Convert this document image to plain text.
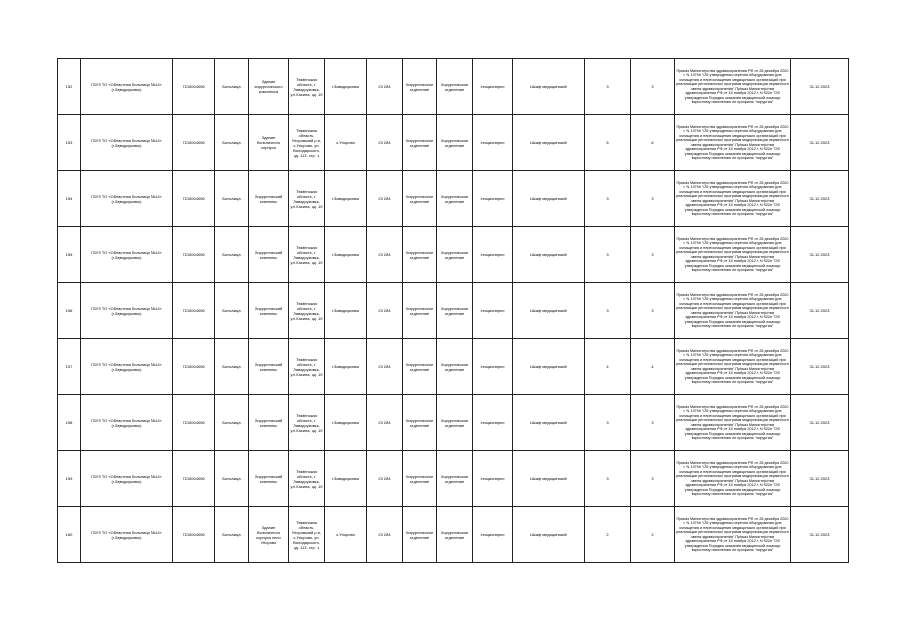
152	ГБУЗ ТО «Областная больница №12» (г.Заводоуковск)	7210004006	Больница	Здание хирургического комплекса	Тюменская область, г. Заводоуковск, ул.Хахина, зд. 19	г.Заводоуковск	23 284	Хирургическое отделение	Хирургическое отделение	стационарно	Шкаф медицинский	3	3	Приказ Министерства здравоохранения РФ от 28 декабря 2020 г. N 1379н "Об утверждении перечня оборудования для оснащения и переоснащения медицинских организаций при реализации региональных программ модернизации первичного звена здравоохранения" Приказ Министерства здравоохранения РФ от 15 ноября 2012 г. N 922н "Об утверждении Порядка оказания медицинской помощи взрослому населению по профилю "хирургия"	31.12.2023
153	ГБУЗ ТО «Областная больница №12» (г.Заводоуковск)	7210004006	Больница	Здание больничного корпуса	Тюменская область, Упоровский р-н, с.Упорово, ул. Володарского, зд. 113, стр. 1	с.Упорово	23 284	Хирургическое отделение	Хирургическое отделение	стационарно	Шкаф медицинский	6	6	Приказ Министерства здравоохранения РФ от 28 декабря 2020 г. N 1379н "Об утверждении перечня оборудования для оснащения и переоснащения медицинских организаций при реализации региональных программ модернизации первичного звена здравоохранения" Приказ Министерства здравоохранения РФ от 15 ноября 2012 г. N 922н "Об утверждении Порядка оказания медицинской помощи взрослому населению по профилю "хирургия"	31.12.2023
154	ГБУЗ ТО «Областная больница №12» (г.Заводоуковск)	7210004006	Больница	Хирургический комплекс	Тюменская область, г. Заводоуковск, ул.Хахина, зд. 19	г.Заводоуковск	23 284	Хирургическое отделение	Хирургическое отделение	стационарно	Шкаф медицинский	3	3	Приказ Министерства здравоохранения РФ от 28 декабря 2020 г. N 1379н "Об утверждении перечня оборудования для оснащения и переоснащения медицинских организаций при реализации региональных программ модернизации первичного звена здравоохранения" Приказ Министерства здравоохранения РФ от 15 ноября 2012 г. N 922н "Об утверждении Порядка оказания медицинской помощи взрослому населению по профилю "хирургия"	31.12.2023
155	ГБУЗ ТО «Областная больница №12» (г.Заводоуковск)	7210004006	Больница	Хирургический комплекс	Тюменская область, г. Заводоуковск, ул.Хахина, зд. 19	г.Заводоуковск	23 284	Хирургическое отделение	Хирургическое отделение	стационарно	Шкаф медицинский	3	3	Приказ Министерства здравоохранения РФ от 28 декабря 2020 г. N 1379н "Об утверждении перечня оборудования для оснащения и переоснащения медицинских организаций при реализации региональных программ модернизации первичного звена здравоохранения" Приказ Министерства здравоохранения РФ от 15 ноября 2012 г. N 922н "Об утверждении Порядка оказания медицинской помощи взрослому населению по профилю "хирургия"	31.12.2023
156	ГБУЗ ТО «Областная больница №12» (г.Заводоуковск)	7210004006	Больница	Хирургический комплекс	Тюменская область, г. Заводоуковск, ул.Хахина, зд. 19	г.Заводоуковск	23 284	Хирургическое отделение	Хирургическое отделение	стационарно	Шкаф медицинский	3	3	Приказ Министерства здравоохранения РФ от 28 декабря 2020 г. N 1379н "Об утверждении перечня оборудования для оснащения и переоснащения медицинских организаций при реализации региональных программ модернизации первичного звена здравоохранения" Приказ Министерства здравоохранения РФ от 15 ноября 2012 г. N 922н "Об утверждении Порядка оказания медицинской помощи взрослому населению по профилю "хирургия"	31.12.2023
157	ГБУЗ ТО «Областная больница №12» (г.Заводоуковск)	7210004006	Больница	Хирургический комплекс	Тюменская область, г. Заводоуковск, ул.Хахина, зд. 19	г.Заводоуковск	23 284	Хирургическое отделение	Хирургическое отделение	стационарно	Шкаф медицинский	4	4	Приказ Министерства здравоохранения РФ от 28 декабря 2020 г. N 1379н "Об утверждении перечня оборудования для оснащения и переоснащения медицинских организаций при реализации региональных программ модернизации первичного звена здравоохранения" Приказ Министерства здравоохранения РФ от 15 ноября 2012 г. N 922н "Об утверждении Порядка оказания медицинской помощи взрослому населению по профилю "хирургия"	31.12.2023
158	ГБУЗ ТО «Областная больница №12» (г.Заводоуковск)	7210004006	Больница	Хирургический комплекс	Тюменская область, г. Заводоуковск, ул.Хахина, зд. 19	г.Заводоуковск	23 284	Хирургическое отделение	Хирургическое отделение	стационарно	Шкаф медицинский	3	3	Приказ Министерства здравоохранения РФ от 28 декабря 2020 г. N 1379н "Об утверждении перечня оборудования для оснащения и переоснащения медицинских организаций при реализации региональных программ модернизации первичного звена здравоохранения" Приказ Министерства здравоохранения РФ от 15 ноября 2012 г. N 922н "Об утверждении Порядка оказания медицинской помощи взрослому населению по профилю "хирургия"	31.12.2023
159	ГБУЗ ТО «Областная больница №12» (г.Заводоуковск)	7210004006	Больница	Хирургический комплекс	Тюменская область, г. Заводоуковск, ул.Хахина, зд. 19	г.Заводоуковск	23 284	Хирургическое отделение	Хирургическое отделение	стационарно	Шкаф медицинский	3	3	Приказ Министерства здравоохранения РФ от 28 декабря 2020 г. N 1379н "Об утверждении перечня оборудования для оснащения и переоснащения медицинских организаций при реализации региональных программ модернизации первичного звена здравоохранения" Приказ Министерства здравоохранения РФ от 15 ноября 2012 г. N 922н "Об утверждении Порядка оказания медицинской помощи взрослому населению по профилю "хирургия"	31.12.2023
160	ГБУЗ ТО «Областная больница №12» (г.Заводоуковск)	7210004006	Больница	Здание больничного корпуса село Упорово	Тюменская область, Упоровский р-н, с.Упорово, ул. Володарского, зд. 113, стр. 1	с.Упорово	23 284	Хирургическое отделение	Хирургическое отделение	стационарно	Шкаф медицинский	2	2	Приказ Министерства здравоохранения РФ от 28 декабря 2020 г. N 1379н "Об утверждении перечня оборудования для оснащения и переоснащения медицинских организаций при реализации региональных программ модернизации первичного звена здравоохранения" Приказ Министерства здравоохранения РФ от 15 ноября 2012 г. N 922н "Об утверждении Порядка оказания медицинской помощи взрослому населению по профилю "хирургия"	31.12.2023
